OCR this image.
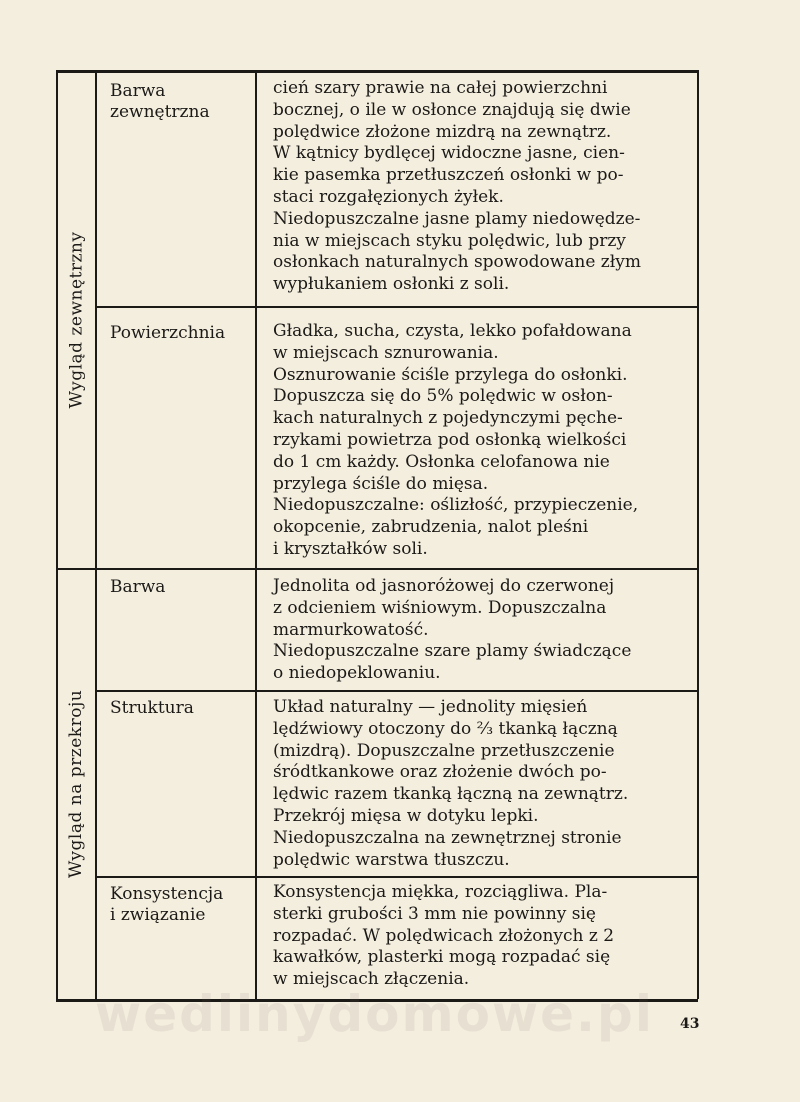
Wygląd zewnętrzny
Wygląd na przekroju
Barwa
zewnętrzna
Powierzchnia
Barwa
Struktura
Konsystencja
i związanie
cień szary prawie na całej powierzchni
bocznej, o ile w osłonce znajdują się dwie
polędwice złożone mizdrą na zewnątrz.
W kątnicy bydlęcej widoczne jasne, cien-
kie pasemka przetłuszczeń osłonki w po-
staci rozgałęzionych żyłek.
Niedopuszczalne jasne plamy niedowędze-
nia w miejscach styku polędwic, lub przy
osłonkach naturalnych spowodowane złym
wypłukaniem osłonki z soli.
Gładka, sucha, czysta, lekko pofałdowana
w miejscach sznurowania.
Osznurowanie ściśle przylega do osłonki.
Dopuszcza się do 5% polędwic w osłon-
kach naturalnych z pojedynczymi pęche-
rzykami powietrza pod osłonką wielkości
do 1 cm każdy. Osłonka celofanowa nie
przylega ściśle do mięsa.
Niedopuszczalne: oślizłość, przypieczenie,
okopcenie, zabrudzenia, nalot pleśni
i kryształków soli.
Jednolita od jasnoróżowej do czerwonej
z odcieniem wiśniowym. Dopuszczalna
marmurkowatość.
Niedopuszczalne szare plamy świadczące
o niedopeklowaniu.
Układ naturalny — jednolity mięsień
lędźwiowy otoczony do ⅔ tkanką łączną
(mizdrą). Dopuszczalne przetłuszczenie
śródtkankowe oraz złożenie dwóch po-
lędwic razem tkanką łączną na zewnątrz.
Przekrój mięsa w dotyku lepki.
Niedopuszczalna na zewnętrznej stronie
polędwic warstwa tłuszczu.
Konsystencja miękka, rozciągliwa. Pla-
sterki grubości 3 mm nie powinny się
rozpadać. W polędwicach złożonych z 2
kawałków, plasterki mogą rozpadać się
w miejscach złączenia.
wedlinydomowe.pl 43
